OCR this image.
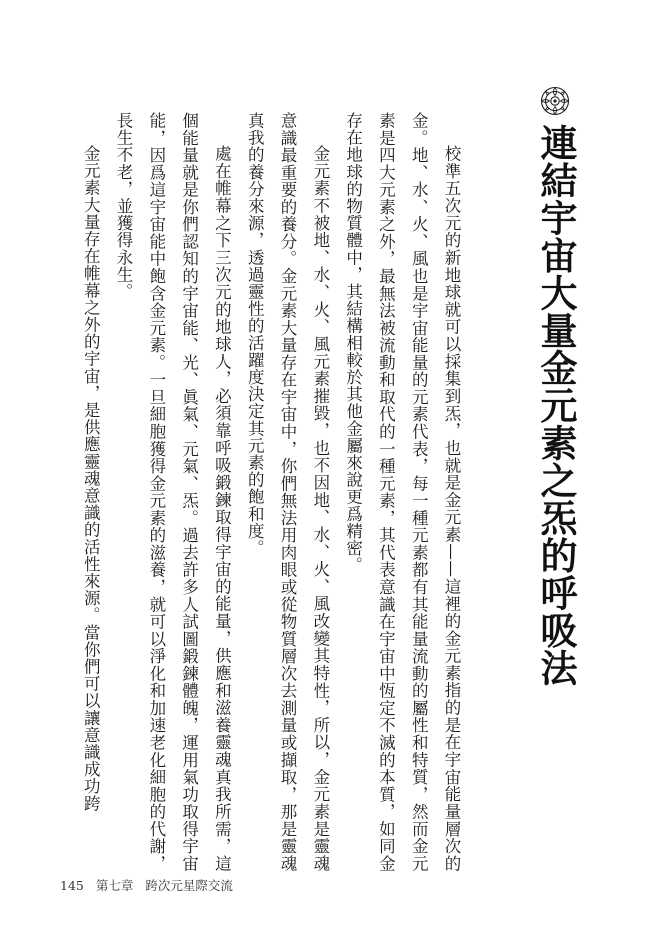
連結宇宙大量金元素之炁的呼吸法

校準五次元的新地球就可以採集到炁，也就是金元素——這裡的金元素指的是在宇宙能量層次的金。地、水、火、風也是宇宙能量的元素代表，每一種元素都有其能量流動的屬性和特質，然而金元素是四大元素之外，最無法被流動和取代的一種元素，其代表意識在宇宙中恆定不滅的本質，如同金存在地球的物質體中，其結構相較於其他金屬來說更爲精密。

金元素不被地、水、火、風元素摧毀，也不因地、水、火、風改變其特性，所以，金元素是靈魂意識最重要的養分。金元素大量存在宇宙中，你們無法用肉眼或從物質層次去測量或擷取，那是靈魂真我的養分來源，透過靈性的活躍度決定其元素的飽和度。

處在帷幕之下三次元的地球人，必須靠呼吸鍛鍊取得宇宙的能量，供應和滋養靈魂真我所需，這個能量就是你們認知的宇宙能、光、眞氣、元氣、炁。過去許多人試圖鍛鍊體魄，運用氣功取得宇宙能，因爲這宇宙能中飽含金元素。一旦細胞獲得金元素的滋養，就可以淨化和加速老化細胞的代謝，長生不老，並獲得永生。

金元素大量存在帷幕之外的宇宙，是供應靈魂意識的活性來源。當你們可以讓意識成功跨

145 第七章 跨次元星際交流
